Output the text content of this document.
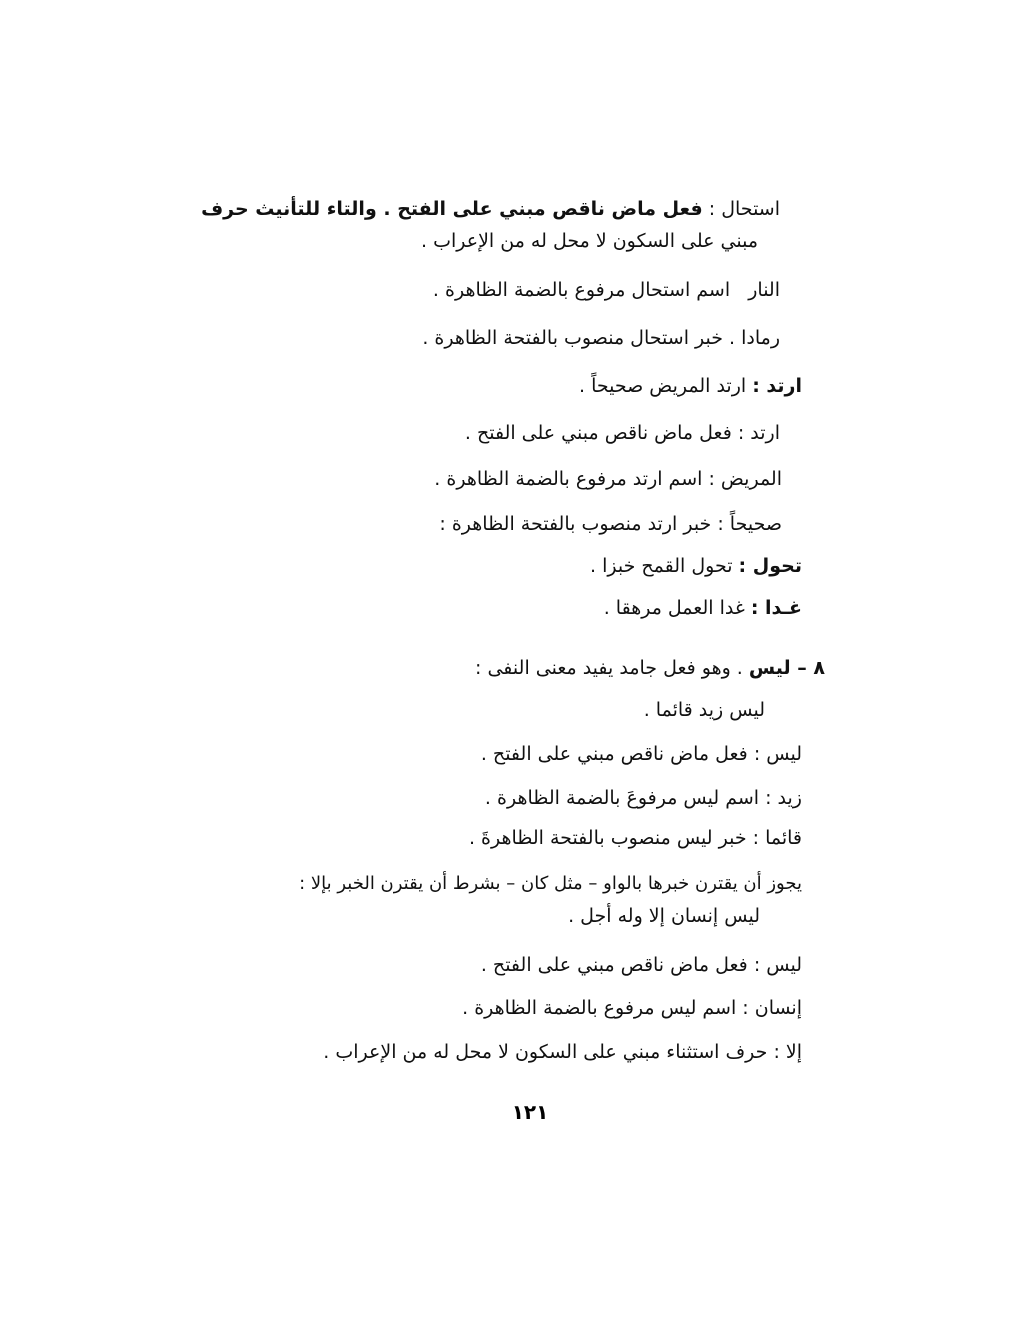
استحال : فعل ماض ناقص مبني على الفتح . والتاء للتأنيث حرف
مبني على السكون لا محل له من الإعراب .
النار   اسم استحال مرفوع بالضمة الظاهرة .
رمادا . خبر استحال منصوب بالفتحة الظاهرة .
ارتد : ارتد المريض صحيحاً .
ارتد : فعل ماض ناقص مبني على الفتح .
المريض : اسم ارتد مرفوع بالضمة الظاهرة .
صحيحاً : خبر ارتد منصوب بالفتحة الظاهرة :
تحول : تحول القمح خبزا .
غـدا : غدا العمل مرهقا .
٨ – ليس . وهو فعل جامد يفيد معنى النفى :
ليس زيد قائما .
ليس : فعل ماض ناقص مبني على الفتح .
زيد : اسم ليس مرفوعَ بالضمة الظاهرة .
قائما : خبر ليس منصوب بالفتحة الظاهرةَ .
يجوز أن يقترن خبرها بالواو – مثل كان – بشرط أن يقترن الخبر بإلا :
ليس إنسان إلا وله أجل .
ليس : فعل ماض ناقص مبني على الفتح .
إنسان : اسم ليس مرفوع بالضمة الظاهرة .
إلا : حرف استثناء مبني على السكون لا محل له من الإعراب .
١٢١
